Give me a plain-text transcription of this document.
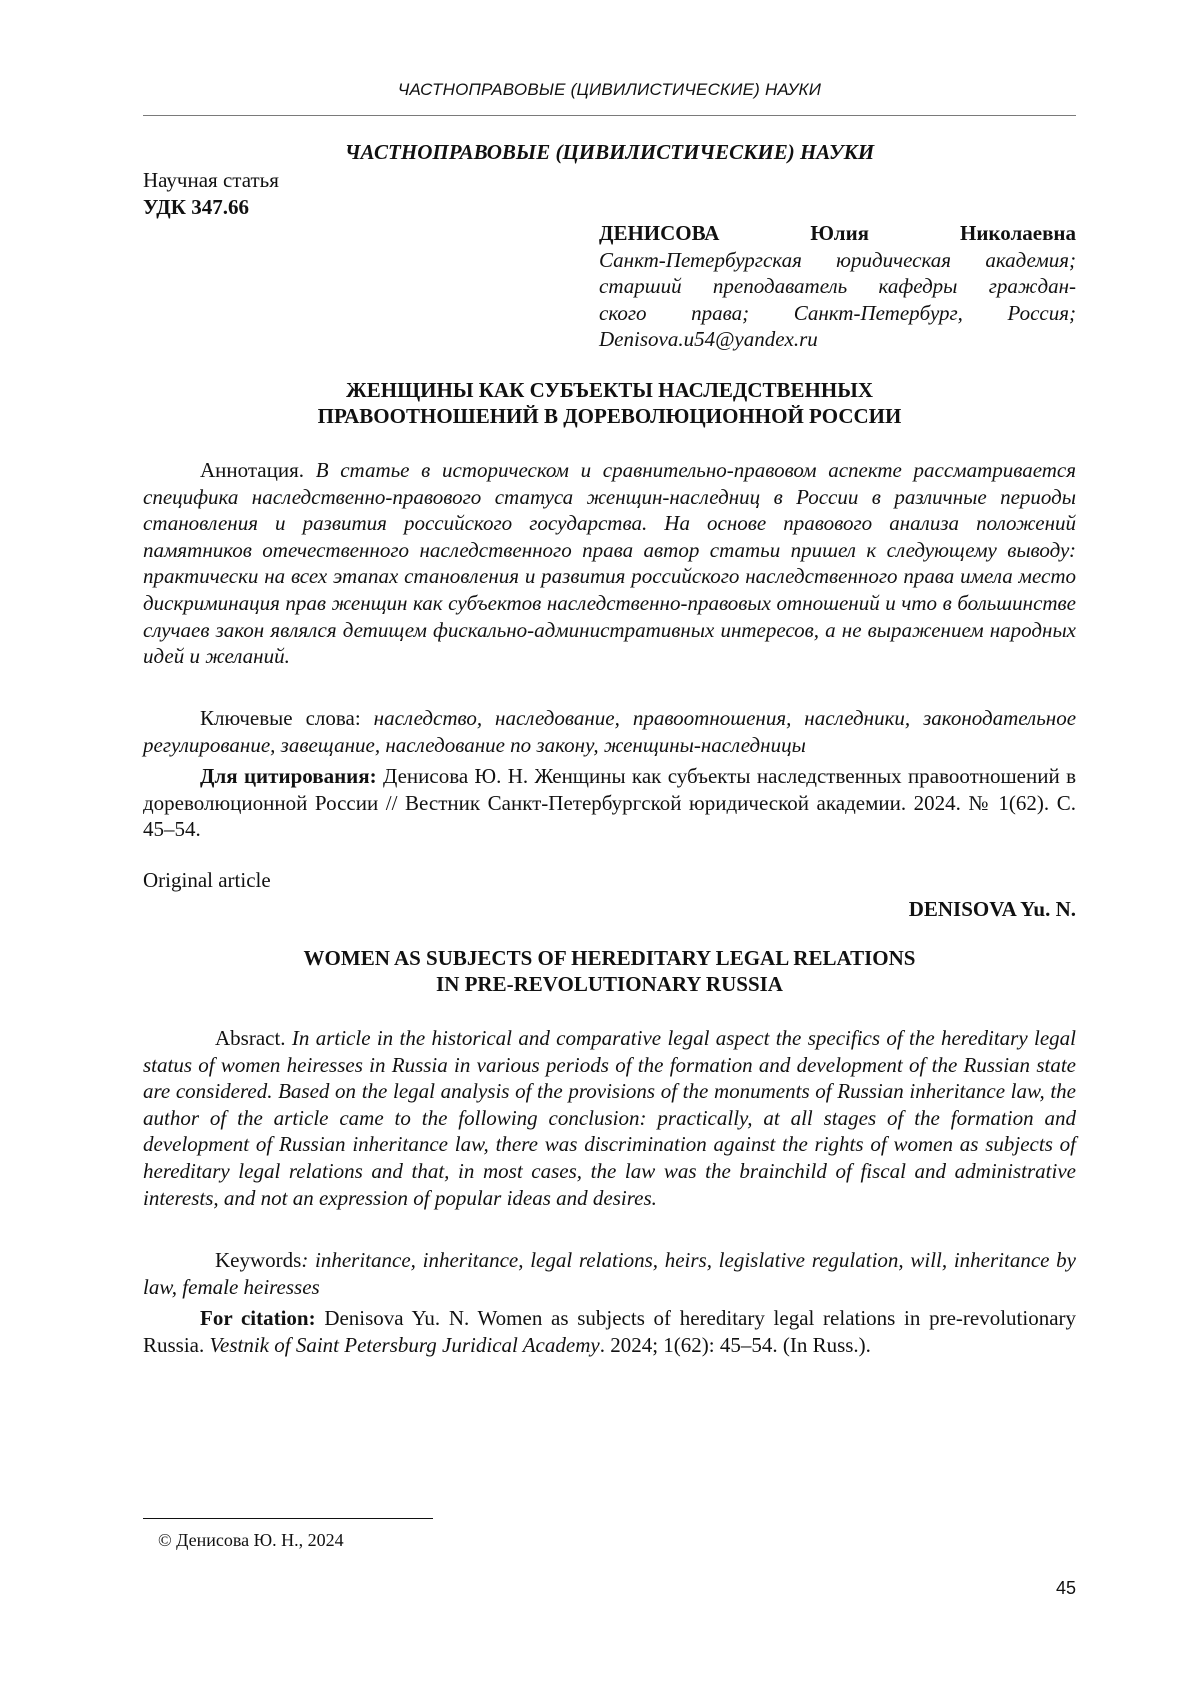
ЧАСТНОПРАВОВЫЕ (ЦИВИЛИСТИЧЕСКИЕ) НАУКИ
ЧАСТНОПРАВОВЫЕ (ЦИВИЛИСТИЧЕСКИЕ) НАУКИ
Научная статья
УДК 347.66
ДЕНИСОВА	Юлия	Николаевна
Санкт-Петербургская юридическая академия;
старший преподаватель кафедры граждан-
ского права; Санкт-Петербург, Россия;
Denisova.u54@yandex.ru
ЖЕНЩИНЫ КАК СУБЪЕКТЫ НАСЛЕДСТВЕННЫХ
ПРАВООТНОШЕНИЙ В ДОРЕВОЛЮЦИОННОЙ РОССИИ
Аннотация. В статье в историческом и сравнительно-правовом аспекте рассматривается специфика наследственно-правового статуса женщин-наследниц в России в различные периоды становления и развития российского государства. На основе правового анализа положений памятников отечественного наследственного права автор статьи пришел к следующему выводу: практически на всех этапах становления и развития российского наследственного права имела место дискриминация прав женщин как субъектов наследственно-правовых отношений и что в большинстве случаев закон являлся детищем фискально-административных интересов, а не выражением народных идей и желаний.
Ключевые слова: наследство, наследование, правоотношения, наследники, законодательное регулирование, завещание, наследование по закону, женщины-наследницы
Для цитирования: Денисова Ю. Н. Женщины как субъекты наследственных правоотношений в дореволюционной России // Вестник Санкт-Петербургской юридической академии. 2024. № 1(62). С. 45–54.
Original article
DENISOVA Yu. N.
WOMEN AS SUBJECTS OF HEREDITARY LEGAL RELATIONS
IN PRE-REVOLUTIONARY RUSSIA
Absract. In article in the historical and comparative legal aspect the specifics of the hereditary legal status of women heiresses in Russia in various periods of the formation and development of the Russian state are considered. Based on the legal analysis of the provisions of the monuments of Russian inheritance law, the author of the article came to the following conclusion: practically, at all stages of the formation and development of Russian inheritance law, there was discrimination against the rights of women as subjects of hereditary legal relations and that, in most cases, the law was the brainchild of fiscal and administrative interests, and not an expression of popular ideas and desires.
Keywords: inheritance, inheritance, legal relations, heirs, legislative regulation, will, inheritance by law, female heiresses
For citation: Denisova Yu. N. Women as subjects of hereditary legal relations in pre-revolutionary Russia. Vestnik of Saint Petersburg Juridical Academy. 2024; 1(62): 45–54. (In Russ.).
© Денисова Ю. Н., 2024
45
